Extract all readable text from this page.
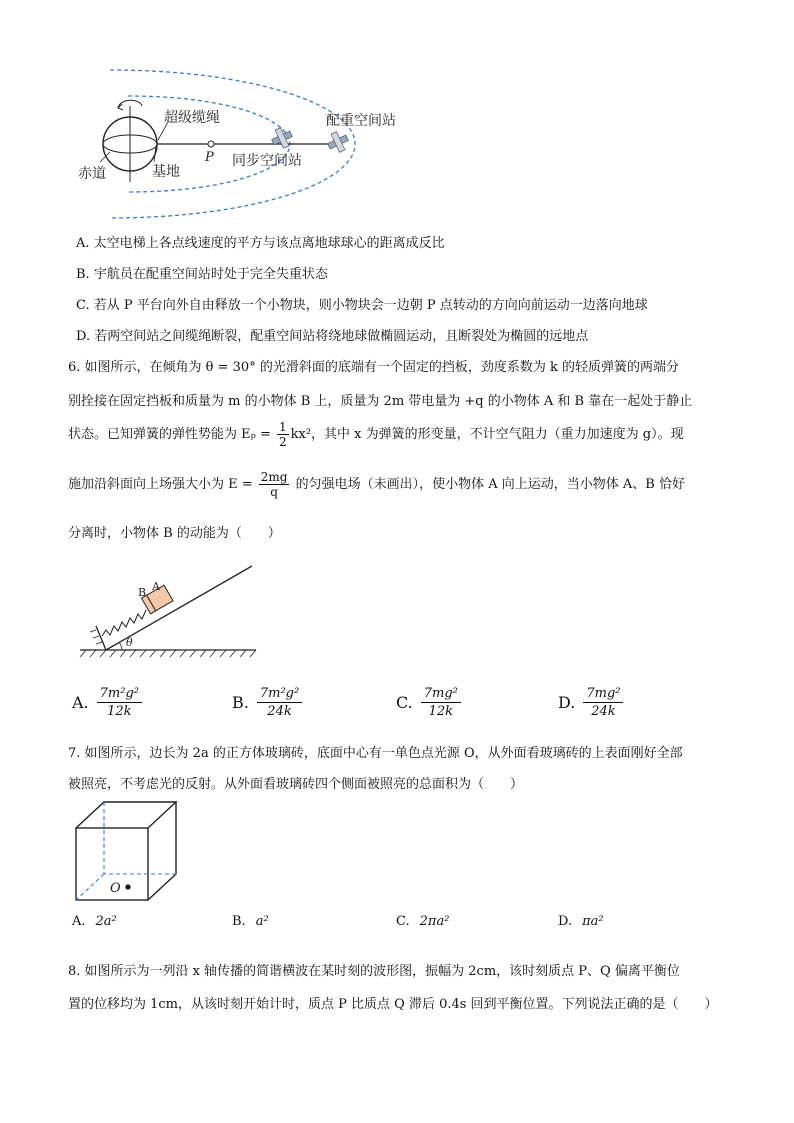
超级缆绳	配重空间站
P 同步空间站
赤道	基地
A. 太空电梯上各点线速度的平方与该点离地球球心的距离成反比
B. 宇航员在配重空间站时处于完全失重状态
C. 若从 P 平台向外自由释放一个小物块，则小物块会一边朝 P 点转动的方向向前运动一边落向地球
D. 若两空间站之间缆绳断裂，配重空间站将绕地球做椭圆运动，且断裂处为椭圆的远地点
6. 如图所示，在倾角为 θ = 30° 的光滑斜面的底端有一个固定的挡板，劲度系数为 k 的轻质弹簧的两端分
别拴接在固定挡板和质量为 m 的小物体 B 上，质量为 2m 带电量为 +q 的小物体 A 和 B 靠在一起处于静止
状态。已知弹簧的弹性势能为 $E_p = \frac{1}{2} kx^2$，其中 x 为弹簧的形变量，不计空气阻力（重力加速度为 g）。现
施加沿斜面向上场强大小为 $E = \frac{2mg}{q}$ 的匀强电场（未画出），使小物体 A 向上运动，当小物体 A、B 恰好
分离时，小物体 B 的动能为（　　）
B A
θ
A. $\frac{\text{7m²g²}}{12k}$	B. $\frac{\text{7m²g²}}{24k}$	C. $\frac{\text{7mg²}}{12k}$	D. $\frac{\text{7mg²}}{24k}$
7. 如图所示，边长为 2a 的正方体玻璃砖，底面中心有一单色点光源 O，从外面看玻璃砖的上表面刚好全部
被照亮，不考虑光的反射。从外面看玻璃砖四个侧面被照亮的总面积为（　　）
O
A. 2a²	B. a²	C. 2πa²	D. πa²
8. 如图所示为一列沿 x 轴传播的简谐横波在某时刻的波形图，振幅为 2cm，该时刻质点 P、Q 偏离平衡位
置的位移均为 1cm，从该时刻开始计时，质点 P 比质点 Q 滞后 0.4s 回到平衡位置。下列说法正确的是（　　）
